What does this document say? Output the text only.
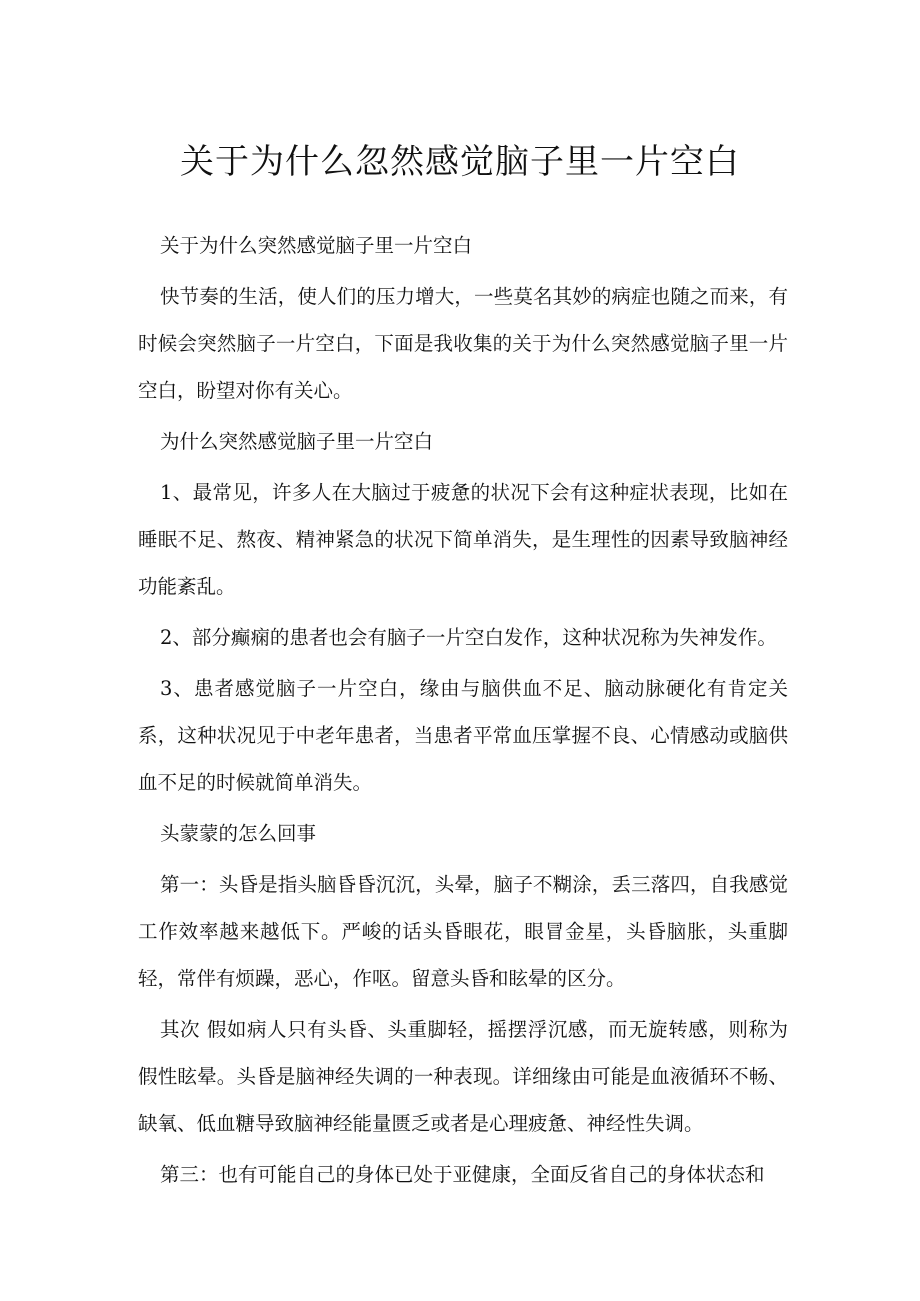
关于为什么忽然感觉脑子里一片空白

关于为什么突然感觉脑子里一片空白

快节奏的生活，使人们的压力增大，一些莫名其妙的病症也随之而来，有时候会突然脑子一片空白，下面是我收集的关于为什么突然感觉脑子里一片空白，盼望对你有关心。

为什么突然感觉脑子里一片空白

1、最常见，许多人在大脑过于疲惫的状况下会有这种症状表现，比如在睡眠不足、熬夜、精神紧急的状况下简单消失，是生理性的因素导致脑神经功能紊乱。

2、部分癫痫的患者也会有脑子一片空白发作，这种状况称为失神发作。

3、患者感觉脑子一片空白，缘由与脑供血不足、脑动脉硬化有肯定关系，这种状况见于中老年患者，当患者平常血压掌握不良、心情感动或脑供血不足的时候就简单消失。

头蒙蒙的怎么回事

第一：头昏是指头脑昏昏沉沉，头晕，脑子不糊涂，丢三落四，自我感觉工作效率越来越低下。严峻的话头昏眼花，眼冒金星，头昏脑胀，头重脚轻，常伴有烦躁，恶心，作呕。留意头昏和眩晕的区分。

其次 假如病人只有头昏、头重脚轻，摇摆浮沉感，而无旋转感，则称为假性眩晕。头昏是脑神经失调的一种表现。详细缘由可能是血液循环不畅、缺氧、低血糖导致脑神经能量匮乏或者是心理疲惫、神经性失调。

第三：也有可能自己的身体已处于亚健康，全面反省自己的身体状态和
